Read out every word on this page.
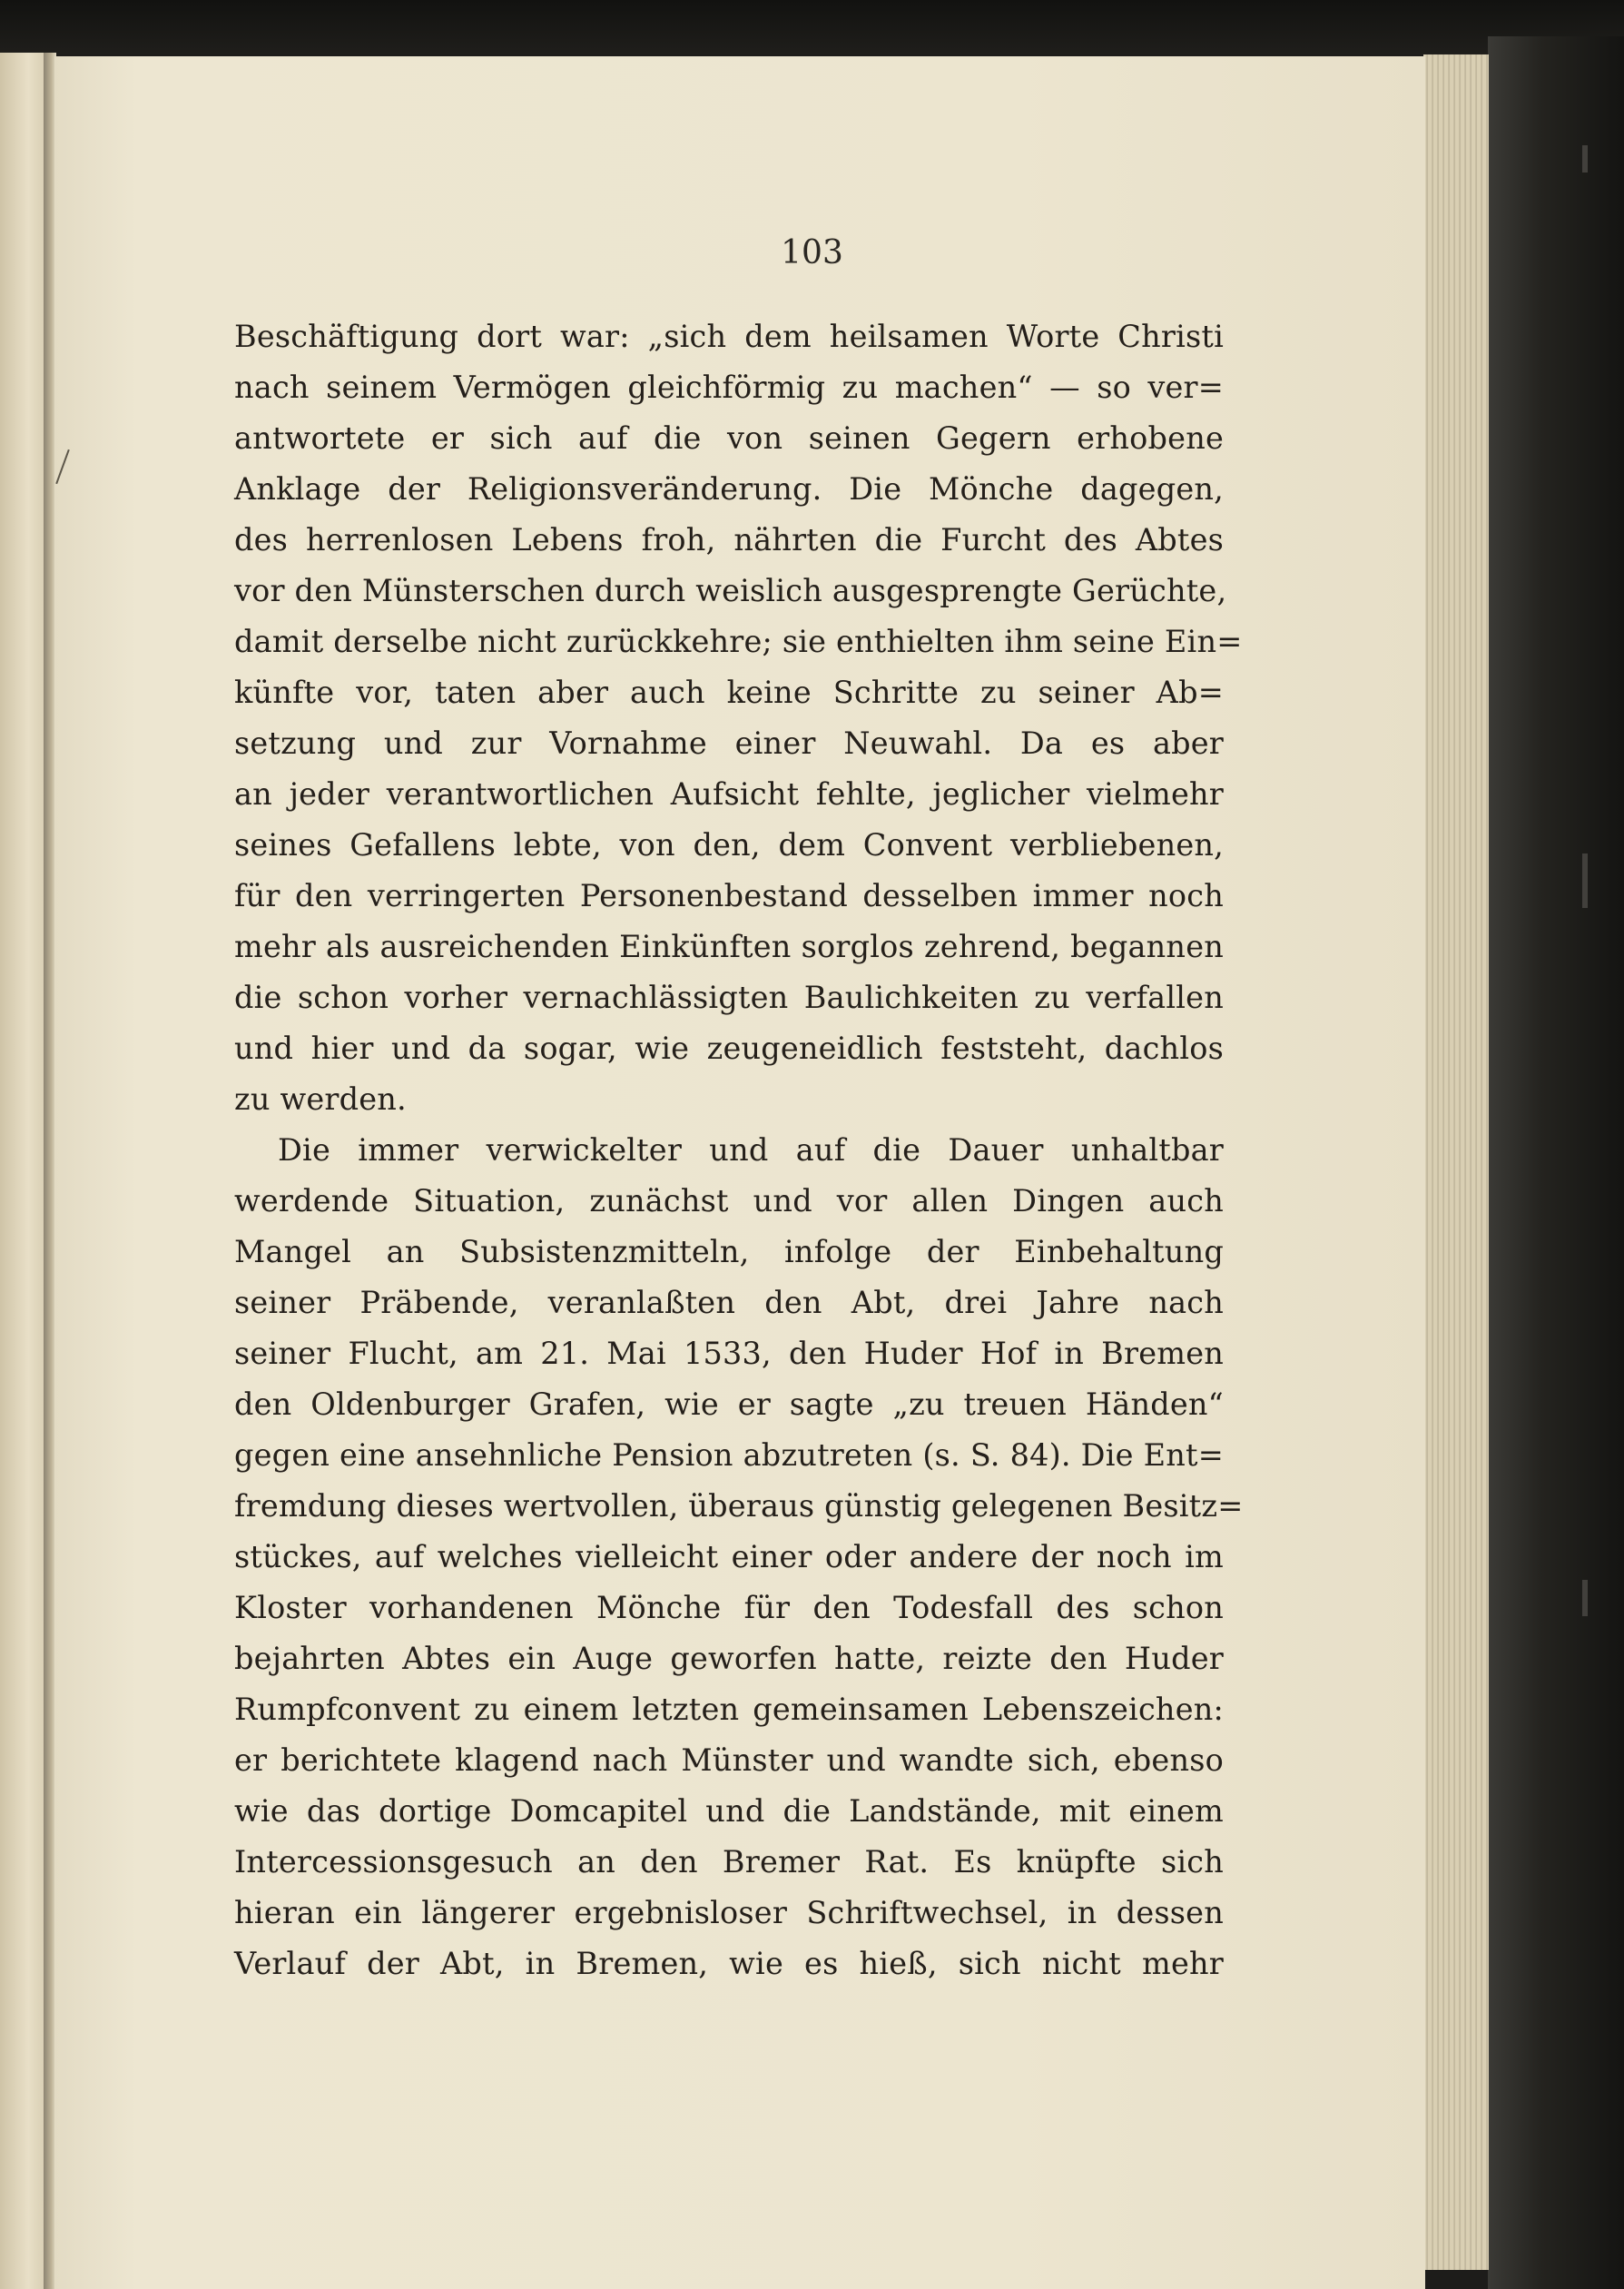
103
Beschäftigung dort war: „sich dem heilsamen Worte Christi
nach seinem Vermögen gleichförmig zu machen“ — so ver=
antwortete er sich auf die von seinen Gegern erhobene
Anklage der Religionsveränderung. Die Mönche dagegen,
des herrenlosen Lebens froh, nährten die Furcht des Abtes
vor den Münsterschen durch weislich ausgesprengte Gerüchte,
damit derselbe nicht zurückkehre; sie enthielten ihm seine Ein=
künfte vor, taten aber auch keine Schritte zu seiner Ab=
setzung und zur Vornahme einer Neuwahl. Da es aber
an jeder verantwortlichen Aufsicht fehlte, jeglicher vielmehr
seines Gefallens lebte, von den, dem Convent verbliebenen,
für den verringerten Personenbestand desselben immer noch
mehr als ausreichenden Einkünften sorglos zehrend, begannen
die schon vorher vernachlässigten Baulichkeiten zu verfallen
und hier und da sogar, wie zeugeneidlich feststeht, dachlos
zu werden.
Die immer verwickelter und auf die Dauer unhaltbar
werdende Situation, zunächst und vor allen Dingen auch
Mangel an Subsistenzmitteln, infolge der Einbehaltung
seiner Präbende, veranlaßten den Abt, drei Jahre nach
seiner Flucht, am 21. Mai 1533, den Huder Hof in Bremen
den Oldenburger Grafen, wie er sagte „zu treuen Händen“
gegen eine ansehnliche Pension abzutreten (s. S. 84). Die Ent=
fremdung dieses wertvollen, überaus günstig gelegenen Besitz=
stückes, auf welches vielleicht einer oder andere der noch im
Kloster vorhandenen Mönche für den Todesfall des schon
bejahrten Abtes ein Auge geworfen hatte, reizte den Huder
Rumpfconvent zu einem letzten gemeinsamen Lebenszeichen:
er berichtete klagend nach Münster und wandte sich, ebenso
wie das dortige Domcapitel und die Landstände, mit einem
Intercessionsgesuch an den Bremer Rat. Es knüpfte sich
hieran ein längerer ergebnisloser Schriftwechsel, in dessen
Verlauf der Abt, in Bremen, wie es hieß, sich nicht mehr
